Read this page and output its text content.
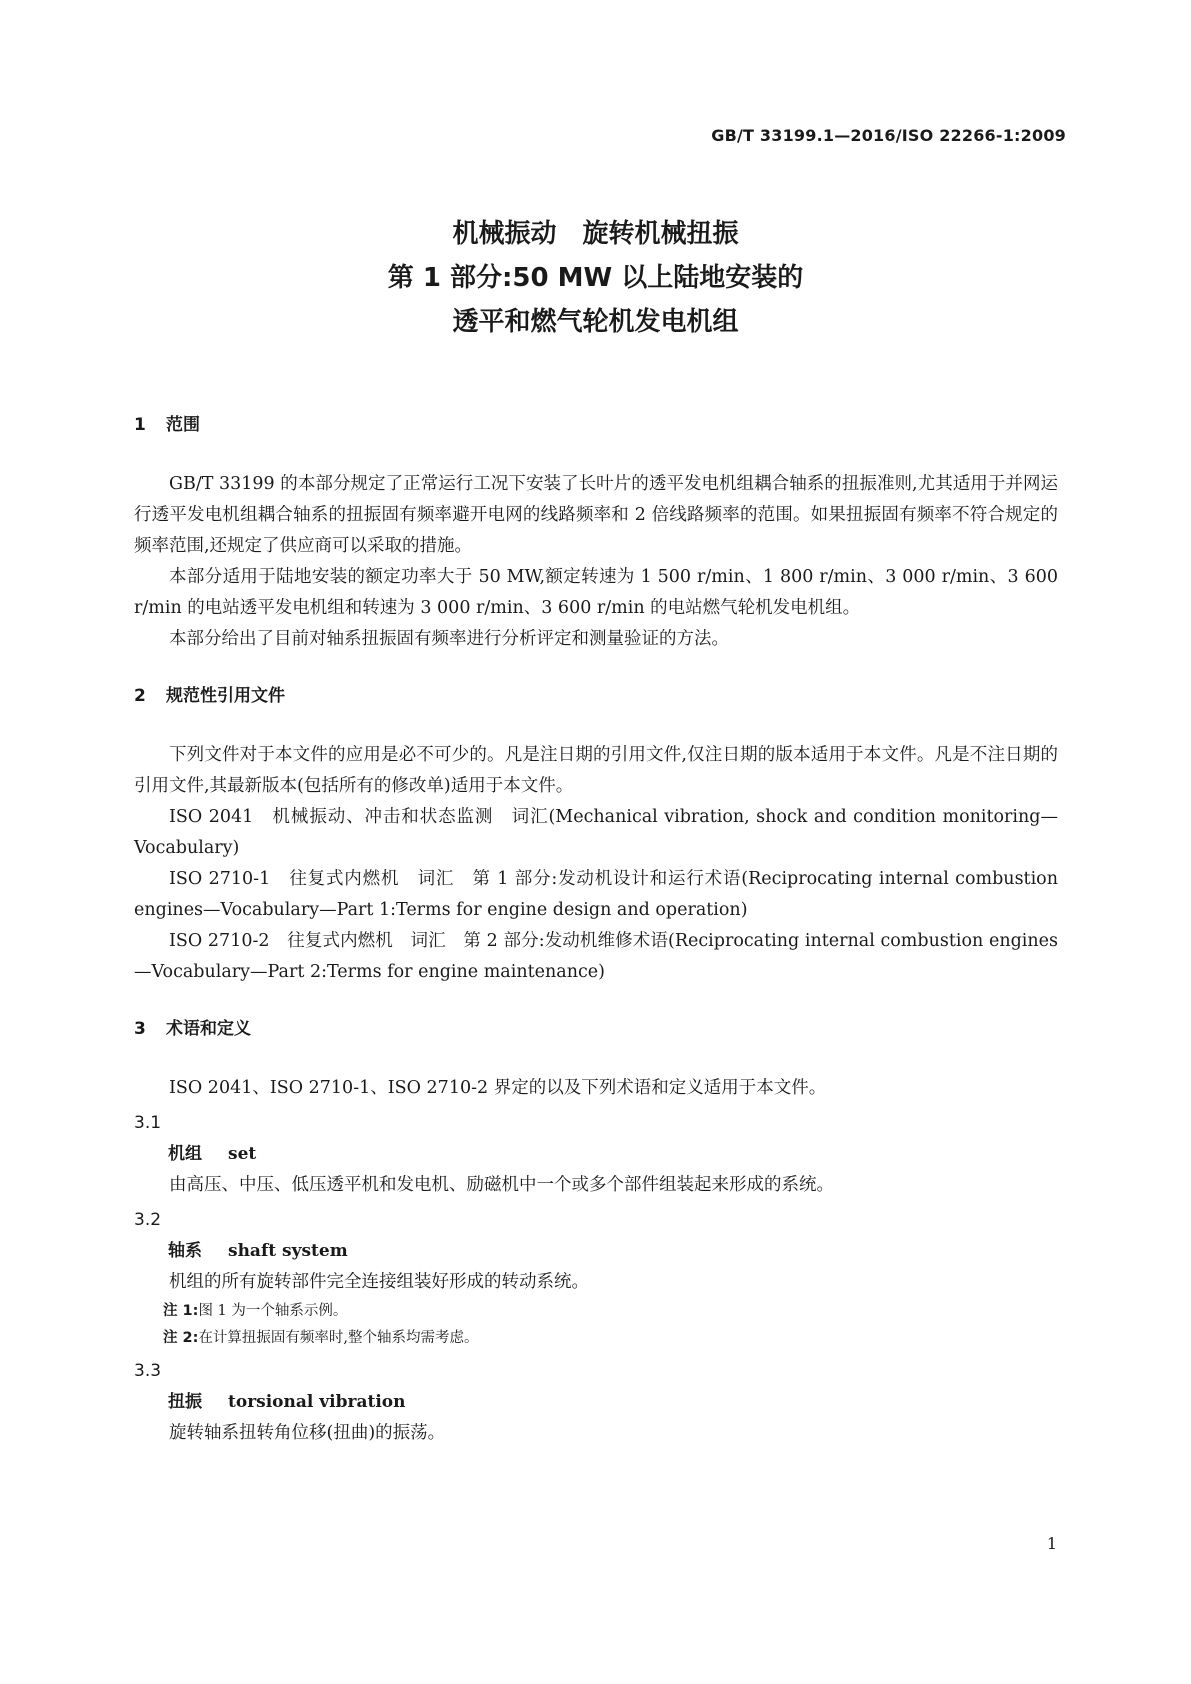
GB/T 33199.1—2016/ISO 22266-1:2009
机械振动　旋转机械扭振
第 1 部分:50 MW 以上陆地安装的
透平和燃气轮机发电机组
1 范围

GB/T 33199 的本部分规定了正常运行工况下安装了长叶片的透平发电机组耦合轴系的扭振准则,尤其适用于并网运行透平发电机组耦合轴系的扭振固有频率避开电网的线路频率和 2 倍线路频率的范围。如果扭振固有频率不符合规定的频率范围,还规定了供应商可以采取的措施。

本部分适用于陆地安装的额定功率大于 50 MW,额定转速为 1 500 r/min、1 800 r/min、3 000 r/min、3 600 r/min 的电站透平发电机组和转速为 3 000 r/min、3 600 r/min 的电站燃气轮机发电机组。

本部分给出了目前对轴系扭振固有频率进行分析评定和测量验证的方法。

2 规范性引用文件

下列文件对于本文件的应用是必不可少的。凡是注日期的引用文件,仅注日期的版本适用于本文件。凡是不注日期的引用文件,其最新版本(包括所有的修改单)适用于本文件。

ISO 2041　机械振动、冲击和状态监测　词汇(Mechanical vibration, shock and condition monitoring—Vocabulary)

ISO 2710-1　往复式内燃机　词汇　第 1 部分:发动机设计和运行术语(Reciprocating internal combustion engines—Vocabulary—Part 1:Terms for engine design and operation)

ISO 2710-2　往复式内燃机　词汇　第 2 部分:发动机维修术语(Reciprocating internal combustion engines—Vocabulary—Part 2:Terms for engine maintenance)

3 术语和定义

ISO 2041、ISO 2710-1、ISO 2710-2 界定的以及下列术语和定义适用于本文件。

3.1
机组 set
由高压、中压、低压透平机和发电机、励磁机中一个或多个部件组装起来形成的系统。
3.2
轴系 shaft system
机组的所有旋转部件完全连接组装好形成的转动系统。
注 1:图 1 为一个轴系示例。
注 2:在计算扭振固有频率时,整个轴系均需考虑。
3.3
扭振 torsional vibration
旋转轴系扭转角位移(扭曲)的振荡。
1
